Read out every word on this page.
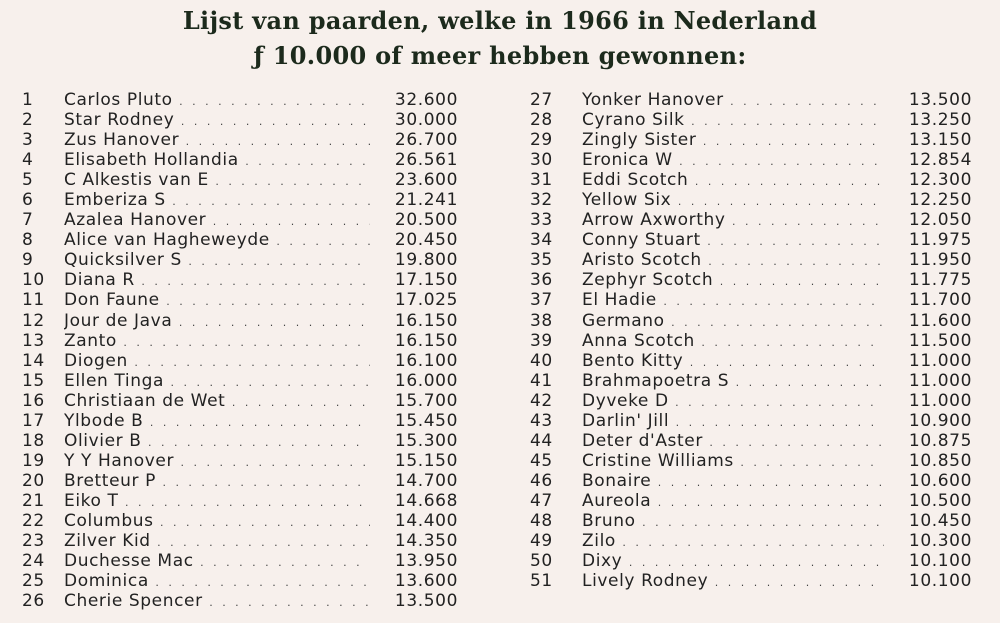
Lijst van paarden, welke in 1966 in Nederland
ƒ 10.000 of meer hebben gewonnen:
1	Carlos Pluto . . .	32.600
2	Star Rodney . . .	30.000
3	Zus Hanover . . .	26.700
4	Elisabeth Hollandia . . .	26.561
5	C Alkestis van E . . .	23.600
6	Emberiza S . . .	21.241
7	Azalea Hanover . . .	20.500
8	Alice van Hagheweyde . . .	20.450
9	Quicksilver S . . .	19.800
10	Diana R . . .	17.150
11	Don Faune . . .	17.025
12	Jour de Java . . .	16.150
13	Zanto . . .	16.150
14	Diogen . . .	16.100
15	Ellen Tinga . . .	16.000
16	Christiaan de Wet . . .	15.700
17	Ylbode B . . .	15.450
18	Olivier B . . .	15.300
19	Y Y Hanover . . .	15.150
20	Bretteur P . . .	14.700
21	Eiko T . . .	14.668
22	Columbus . . .	14.400
23	Zilver Kid . . .	14.350
24	Duchesse Mac . . .	13.950
25	Dominica . . .	13.600
26	Cherie Spencer . . .	13.500
27	Yonker Hanover . . .	13.500
28	Cyrano Silk . . .	13.250
29	Zingly Sister . . .	13.150
30	Eronica W . . .	12.854
31	Eddi Scotch . . .	12.300
32	Yellow Six . . .	12.250
33	Arrow Axworthy . . .	12.050
34	Conny Stuart . . .	11.975
35	Aristo Scotch . . .	11.950
36	Zephyr Scotch . . .	11.775
37	El Hadie . . .	11.700
38	Germano . . .	11.600
39	Anna Scotch . . .	11.500
40	Bento Kitty . . .	11.000
41	Brahmapoetra S . . .	11.000
42	Dyveke D . . .	11.000
43	Darlin' Jill . . .	10.900
44	Deter d'Aster . . .	10.875
45	Cristine Williams . . .	10.850
46	Bonaire . . .	10.600
47	Aureola . . .	10.500
48	Bruno . . .	10.450
49	Zilo . . .	10.300
50	Dixy . . .	10.100
51	Lively Rodney . . .	10.100
